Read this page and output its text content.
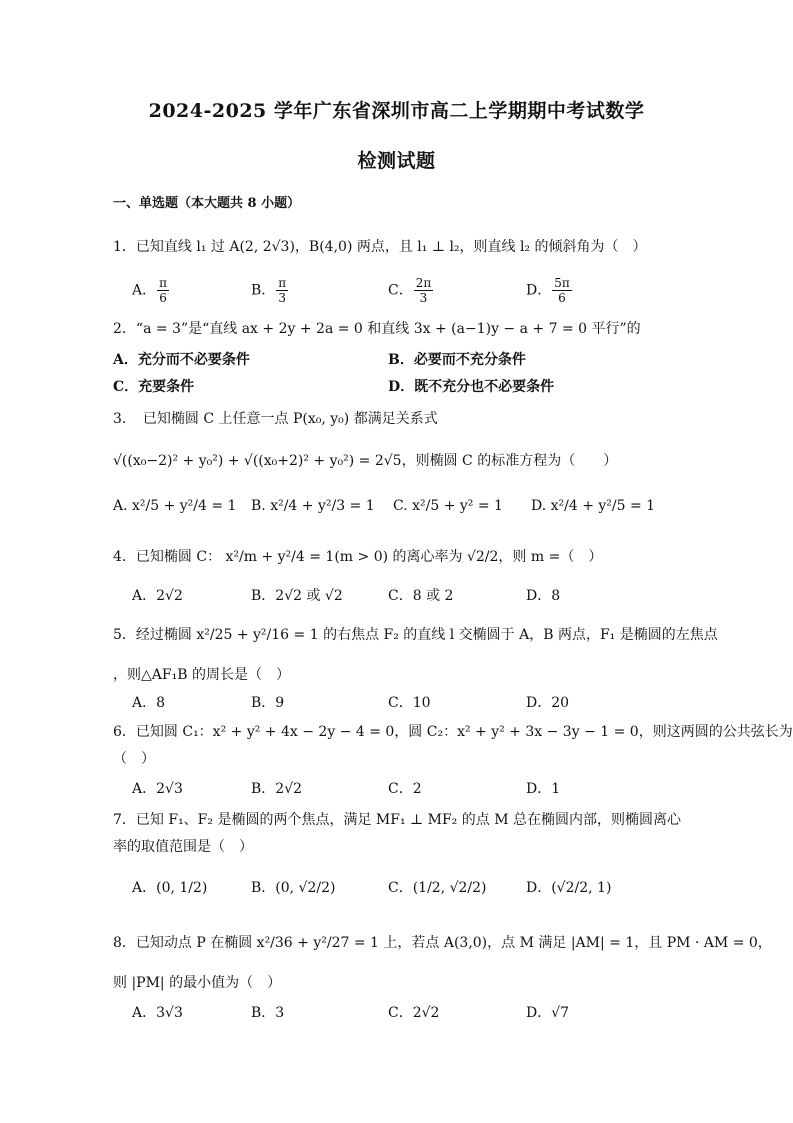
2024-2025 学年广东省深圳市高二上学期期中考试数学
检测试题
一、单选题（本大题共 8 小题）
1．已知直线 l₁ 过 A(2, 2√3)，B(4,0) 两点，且 l₁ ⊥ l₂，则直线 l₂ 的倾斜角为（　）
A． $\frac{\pi}{6}$	B． $\frac{\pi}{3}$	C． $\frac{2\pi}{3}$	D． $\frac{5\pi}{6}$
2．“a = 3”是“直线 ax + 2y + 2a = 0 和直线 3x + (a−1)y − a + 7 = 0 平行”的
A．充分而不必要条件	B．必要而不充分条件
C．充要条件	D．既不充分也不必要条件
3．　已知椭圆 C 上任意一点 P(x₀, y₀) 都满足关系式
√((x₀−2)² + y₀²) + √((x₀+2)² + y₀²) = 2√5，则椭圆 C 的标准方程为（　　）
A. x²/5 + y²/4 = 1 B. x²/4 + y²/3 = 1 C. x²/5 + y² = 1 D. x²/4 + y²/5 = 1
4．已知椭圆 C： x²/m + y²/4 = 1(m > 0) 的离心率为 √2/2，则 m =（　）
A．2√2	B．2√2 或 √2	C．8 或 2	D．8
5．经过椭圆 x²/25 + y²/16 = 1 的右焦点 F₂ 的直线 l 交椭圆于 A，B 两点，F₁ 是椭圆的左焦点
，则△AF₁B 的周长是（　）
A．8	B．9	C．10	D．20
6．已知圆 C₁：x² + y² + 4x − 2y − 4 = 0，圆 C₂：x² + y² + 3x − 3y − 1 = 0，则这两圆的公共弦长为
（　）
A．2√3	B．2√2	C．2	D．1
7．已知 F₁、F₂ 是椭圆的两个焦点，满足 MF₁ ⊥ MF₂ 的点 M 总在椭圆内部，则椭圆离心
率的取值范围是（　）
A．(0, 1/2)	B．(0, √2/2)	C．(1/2, √2/2)	D．(√2/2, 1)
8．已知动点 P 在椭圆 x²/36 + y²/27 = 1 上，若点 A(3,0)，点 M 满足 |AM| = 1，且 PM · AM = 0，
则 |PM| 的最小值为（　）
A．3√3	B．3	C．2√2	D．√7
